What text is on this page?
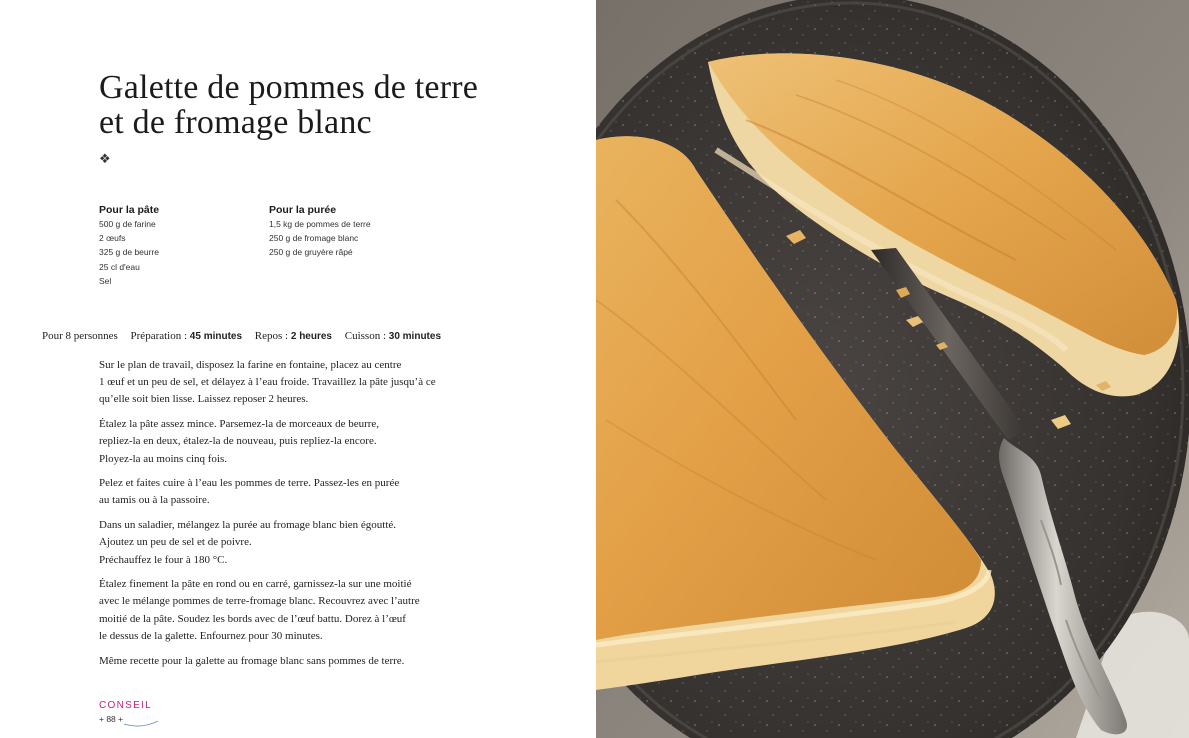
Galette de pommes de terre
et de fromage blanc
❖
Pour la pâte
500 g de farine
2 œufs
325 g de beurre
25 cl d'eau
Sel
Pour la purée
1,5 kg de pommes de terre
250 g de fromage blanc
250 g de gruyère râpé
Pour 8 personnes Préparation : 45 minutes Repos : 2 heures Cuisson : 30 minutes

Sur le plan de travail, disposez la farine en fontaine, placez au centre
1 œuf et un peu de sel, et délayez à l’eau froide. Travaillez la pâte jusqu’à ce
qu’elle soit bien lisse. Laissez reposer 2 heures.

Étalez la pâte assez mince. Parsemez-la de morceaux de beurre,
repliez-la en deux, étalez-la de nouveau, puis repliez-la encore.
Ployez-la au moins cinq fois.

Pelez et faites cuire à l’eau les pommes de terre. Passez-les en purée
au tamis ou à la passoire.

Dans un saladier, mélangez la purée au fromage blanc bien égoutté.
Ajoutez un peu de sel et de poivre.
Préchauffez le four à 180 °C.

Étalez finement la pâte en rond ou en carré, garnissez-la sur une moitié
avec le mélange pommes de terre-fromage blanc. Recouvrez avec l’autre
moitié de la pâte. Soudez les bords avec de l’œuf battu. Dorez à l’œuf
le dessus de la galette. Enfournez pour 30 minutes.

Même recette pour la galette au fromage blanc sans pommes de terre.

CONSEIL
+ 88 +
